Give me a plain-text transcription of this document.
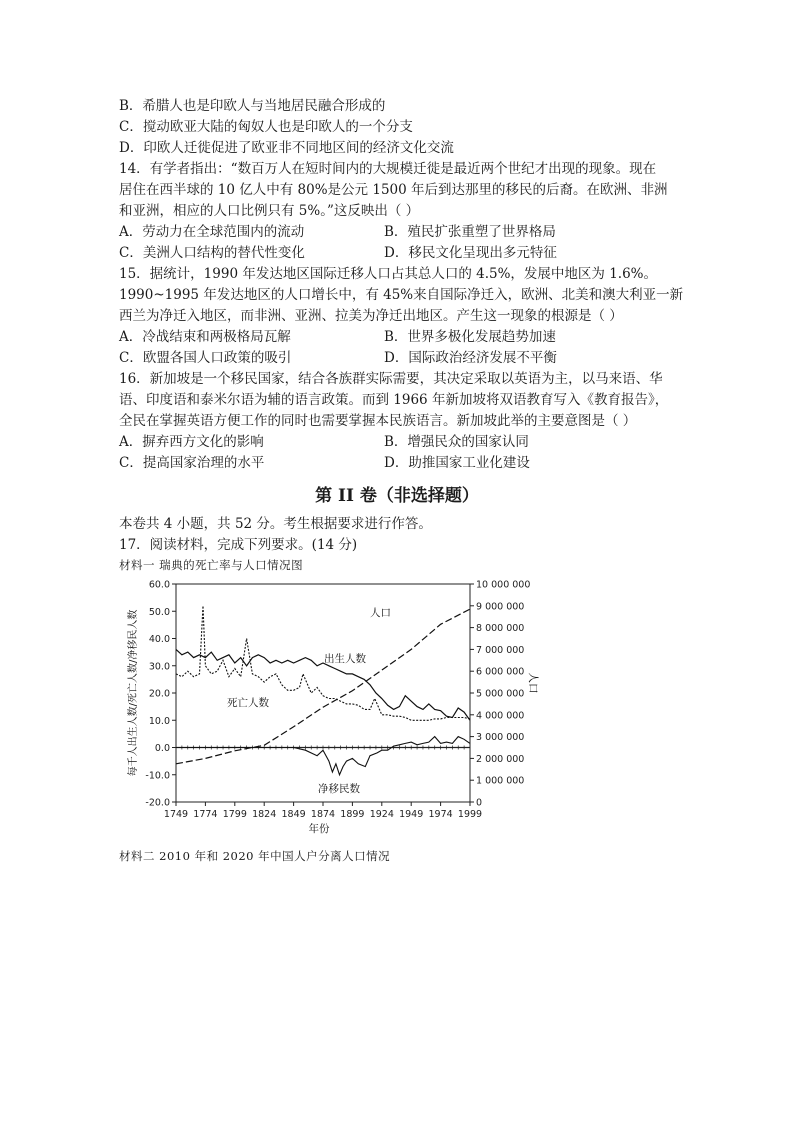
B．希腊人也是印欧人与当地居民融合形成的
C．搅动欧亚大陆的匈奴人也是印欧人的一个分支
D．印欧人迁徙促进了欧亚非不同地区间的经济文化交流
14．有学者指出：“数百万人在短时间内的大规模迁徙是最近两个世纪才出现的现象。现在
居住在西半球的 10 亿人中有 80%是公元 1500 年后到达那里的移民的后裔。在欧洲、非洲
和亚洲，相应的人口比例只有 5%。”这反映出（ ）
A．劳动力在全球范围内的流动	B．殖民扩张重塑了世界格局
C．美洲人口结构的替代性变化	D．移民文化呈现出多元特征
15．据统计，1990 年发达地区国际迁移人口占其总人口的 4.5%，发展中地区为 1.6%。
1990~1995 年发达地区的人口增长中，有 45%来自国际净迁入，欧洲、北美和澳大利亚一新
西兰为净迁入地区，而非洲、亚洲、拉美为净迁出地区。产生这一现象的根源是（ ）
A．冷战结束和两极格局瓦解	B．世界多极化发展趋势加速
C．欧盟各国人口政策的吸引	D．国际政治经济发展不平衡
16．新加坡是一个移民国家，结合各族群实际需要，其决定采取以英语为主，以马来语、华
语、印度语和泰米尔语为辅的语言政策。而到 1966 年新加坡将双语教育写入《教育报告》，
全民在掌握英语方便工作的同时也需要掌握本民族语言。新加坡此举的主要意图是（ ）
A．摒弃西方文化的影响	B．增强民众的国家认同
C．提高国家治理的水平	D．助推国家工业化建设
第 II 卷（非选择题）
本卷共 4 小题，共 52 分。考生根据要求进行作答。
17．阅读材料，完成下列要求。(14 分)
材料一 瑞典的死亡率与人口情况图
60.0
50.0
40.0
30.0
20.0
10.0
0.0
-10.0
-20.0
10 000 000
9 000 000
8 000 000
7 000 000
6 000 000
5 000 000
4 000 000
3 000 000
2 000 000
1 000 000
0
1749 1774 1799 1824 1849 1874 1899 1924 1949 1974 1999
人口
出生人数
死亡人数
净移民数
年份
每千人出生人数/死亡人数/净移民人数	人口
材料二 2010 年和 2020 年中国人户分离人口情况
